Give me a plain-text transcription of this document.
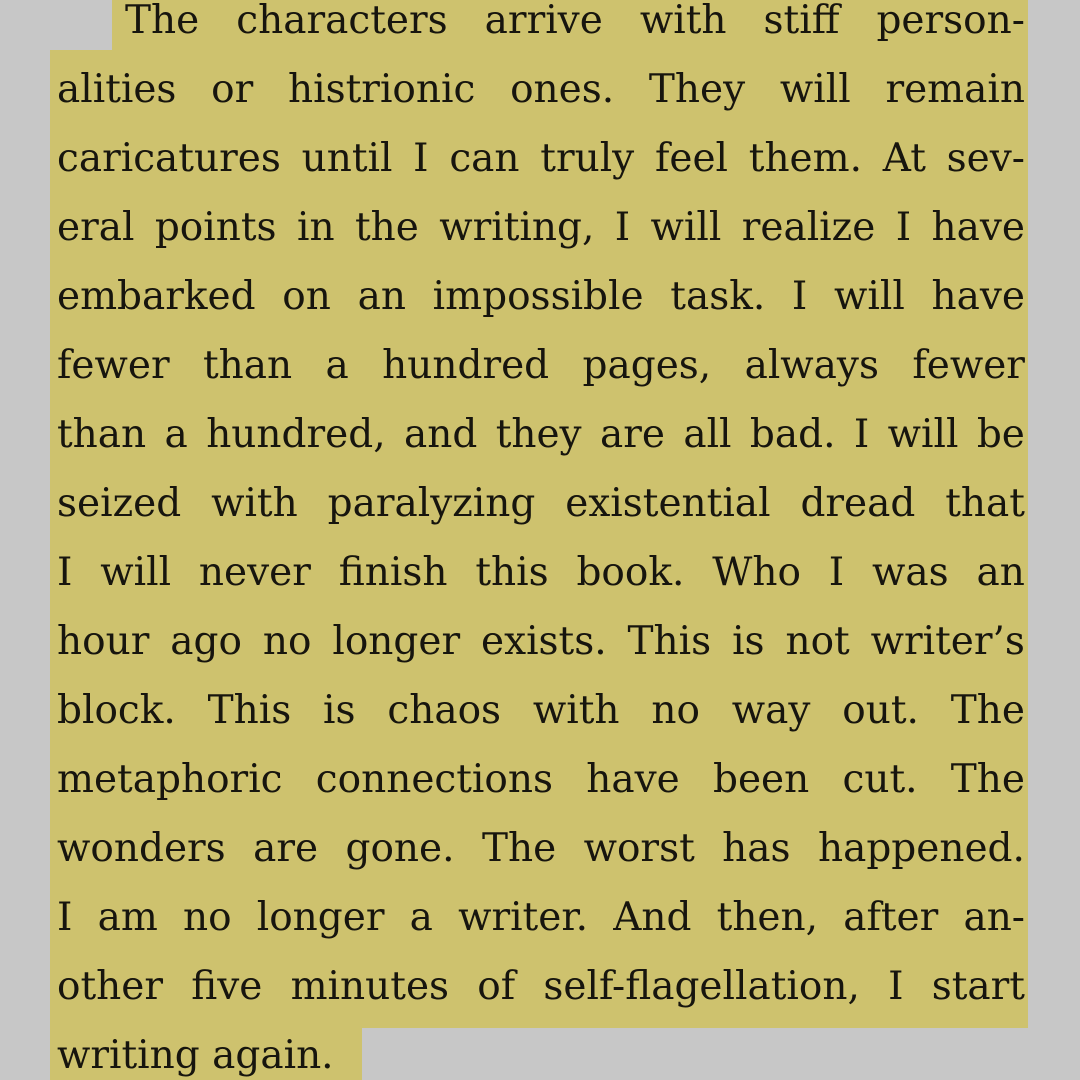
The characters arrive with stiff person-
alities or histrionic ones. They will remain
caricatures until I can truly feel them. At sev-
eral points in the writing, I will realize I have
embarked on an impossible task. I will have
fewer than a hundred pages, always fewer
than a hundred, and they are all bad. I will be
seized with paralyzing existential dread that
I will never finish this book. Who I was an
hour ago no longer exists. This is not writer’s
block. This is chaos with no way out. The
metaphoric connections have been cut. The
wonders are gone. The worst has happened.
I am no longer a writer. And then, after an-
other five minutes of self-flagellation, I start
writing again.
